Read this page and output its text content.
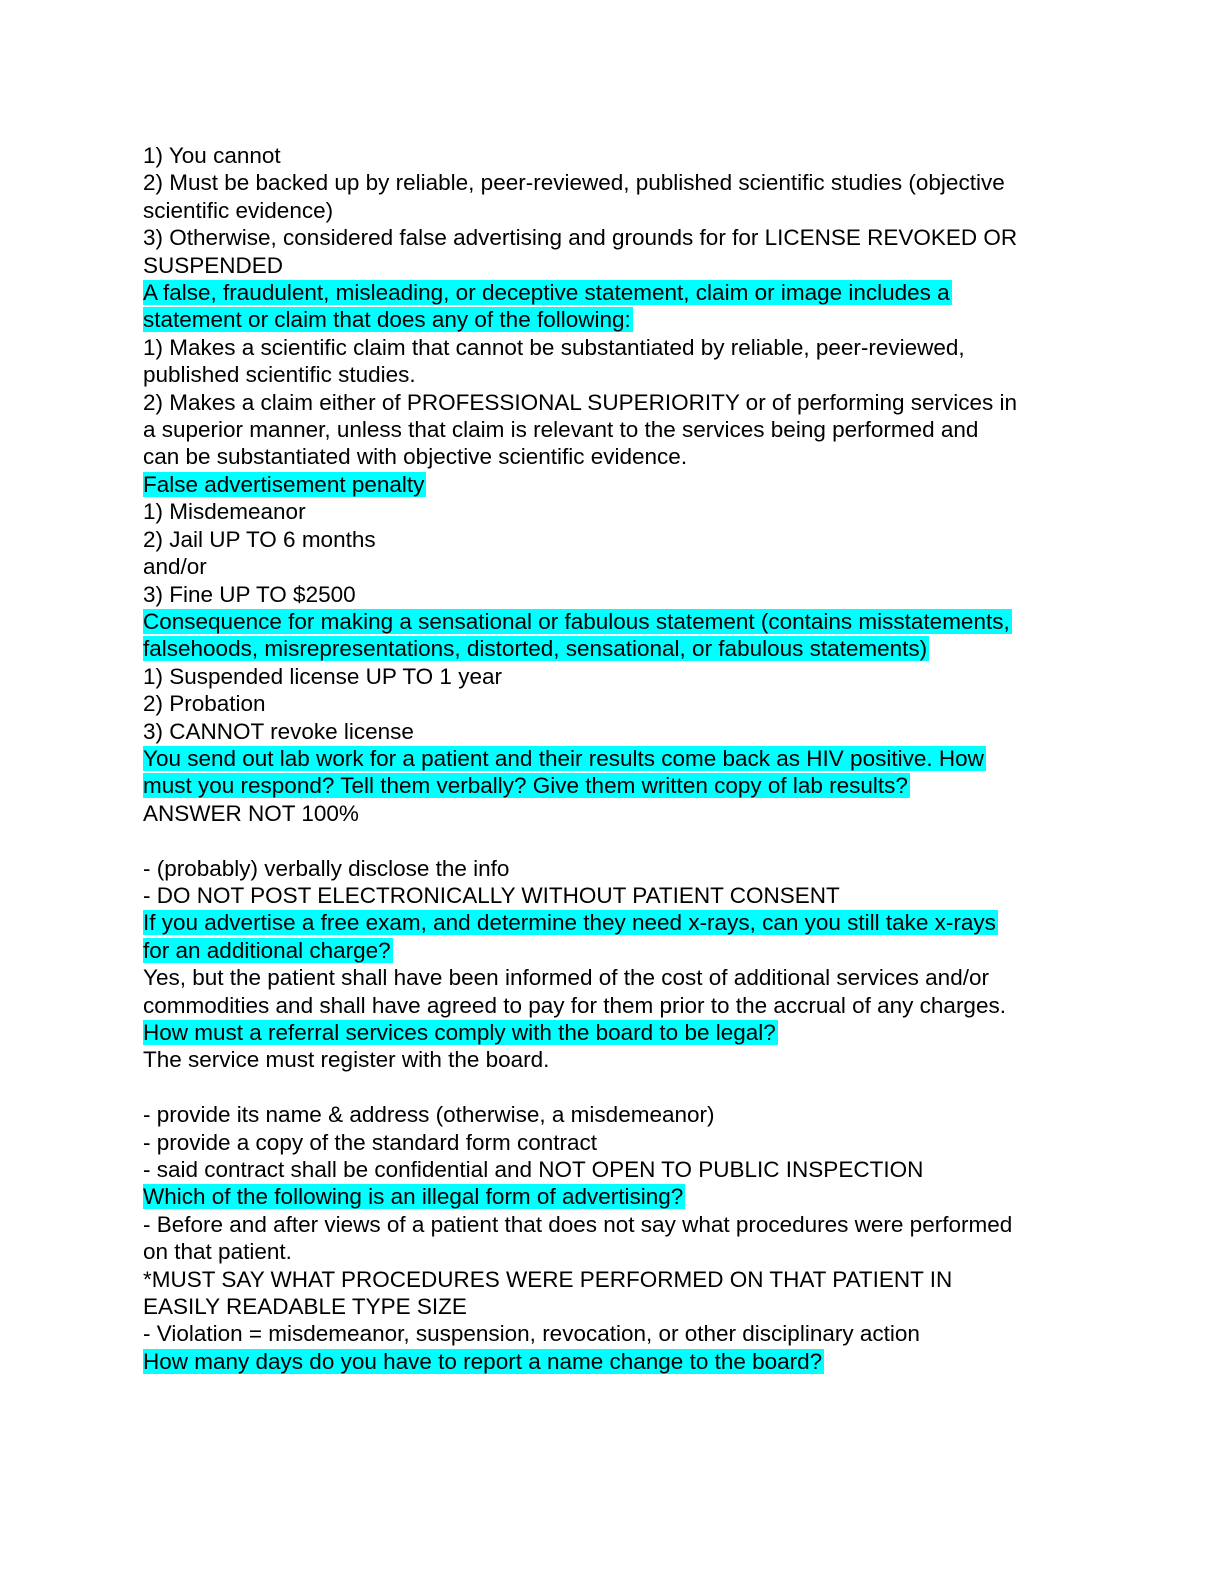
1) You cannot
2) Must be backed up by reliable, peer-reviewed, published scientific studies (objective
scientific evidence)
3) Otherwise, considered false advertising and grounds for for LICENSE REVOKED OR
SUSPENDED
A false, fraudulent, misleading, or deceptive statement, claim or image includes a
statement or claim that does any of the following:
1) Makes a scientific claim that cannot be substantiated by reliable, peer-reviewed,
published scientific studies.
2) Makes a claim either of PROFESSIONAL SUPERIORITY or of performing services in
a superior manner, unless that claim is relevant to the services being performed and
can be substantiated with objective scientific evidence.
False advertisement penalty
1) Misdemeanor
2) Jail UP TO 6 months
and/or
3) Fine UP TO $2500
Consequence for making a sensational or fabulous statement (contains misstatements,
falsehoods, misrepresentations, distorted, sensational, or fabulous statements)
1) Suspended license UP TO 1 year
2) Probation
3) CANNOT revoke license
You send out lab work for a patient and their results come back as HIV positive. How
must you respond? Tell them verbally? Give them written copy of lab results?
ANSWER NOT 100%
- (probably) verbally disclose the info
- DO NOT POST ELECTRONICALLY WITHOUT PATIENT CONSENT
If you advertise a free exam, and determine they need x-rays, can you still take x-rays
for an additional charge?
Yes, but the patient shall have been informed of the cost of additional services and/or
commodities and shall have agreed to pay for them prior to the accrual of any charges.
How must a referral services comply with the board to be legal?
The service must register with the board.
- provide its name & address (otherwise, a misdemeanor)
- provide a copy of the standard form contract
- said contract shall be confidential and NOT OPEN TO PUBLIC INSPECTION
Which of the following is an illegal form of advertising?
- Before and after views of a patient that does not say what procedures were performed
on that patient.
*MUST SAY WHAT PROCEDURES WERE PERFORMED ON THAT PATIENT IN
EASILY READABLE TYPE SIZE
- Violation = misdemeanor, suspension, revocation, or other disciplinary action
How many days do you have to report a name change to the board?
